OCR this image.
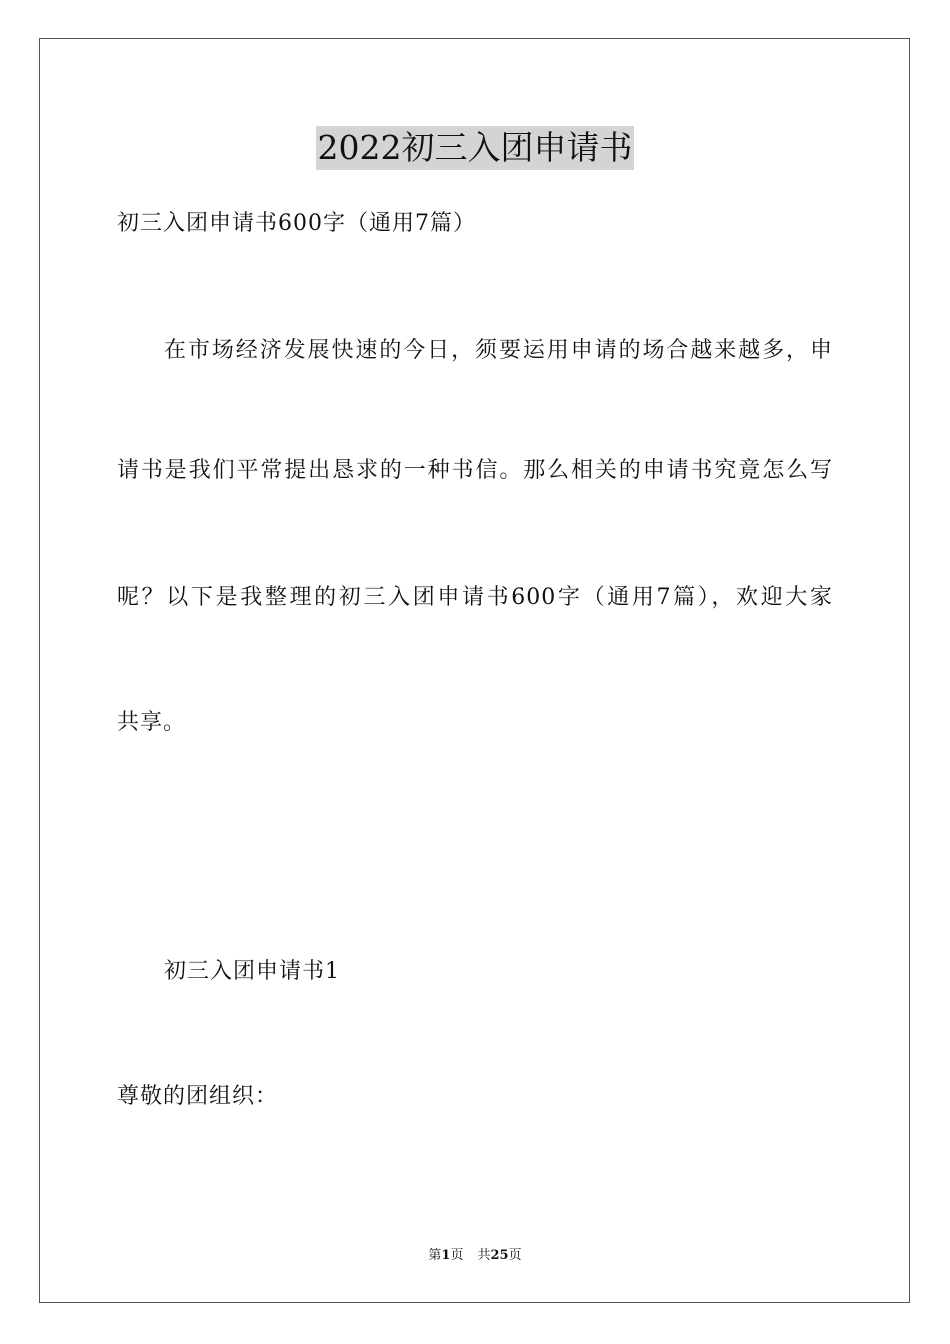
2022初三入团申请书
初三入团申请书600字（通用7篇）
在市场经济发展快速的今日，须要运用申请的场合越来越多，申
请书是我们平常提出恳求的一种书信。那么相关的申请书究竟怎么写
呢？以下是我整理的初三入团申请书600字（通用7篇），欢迎大家
共享。
初三入团申请书1
尊敬的团组织：
第1页 共25页
